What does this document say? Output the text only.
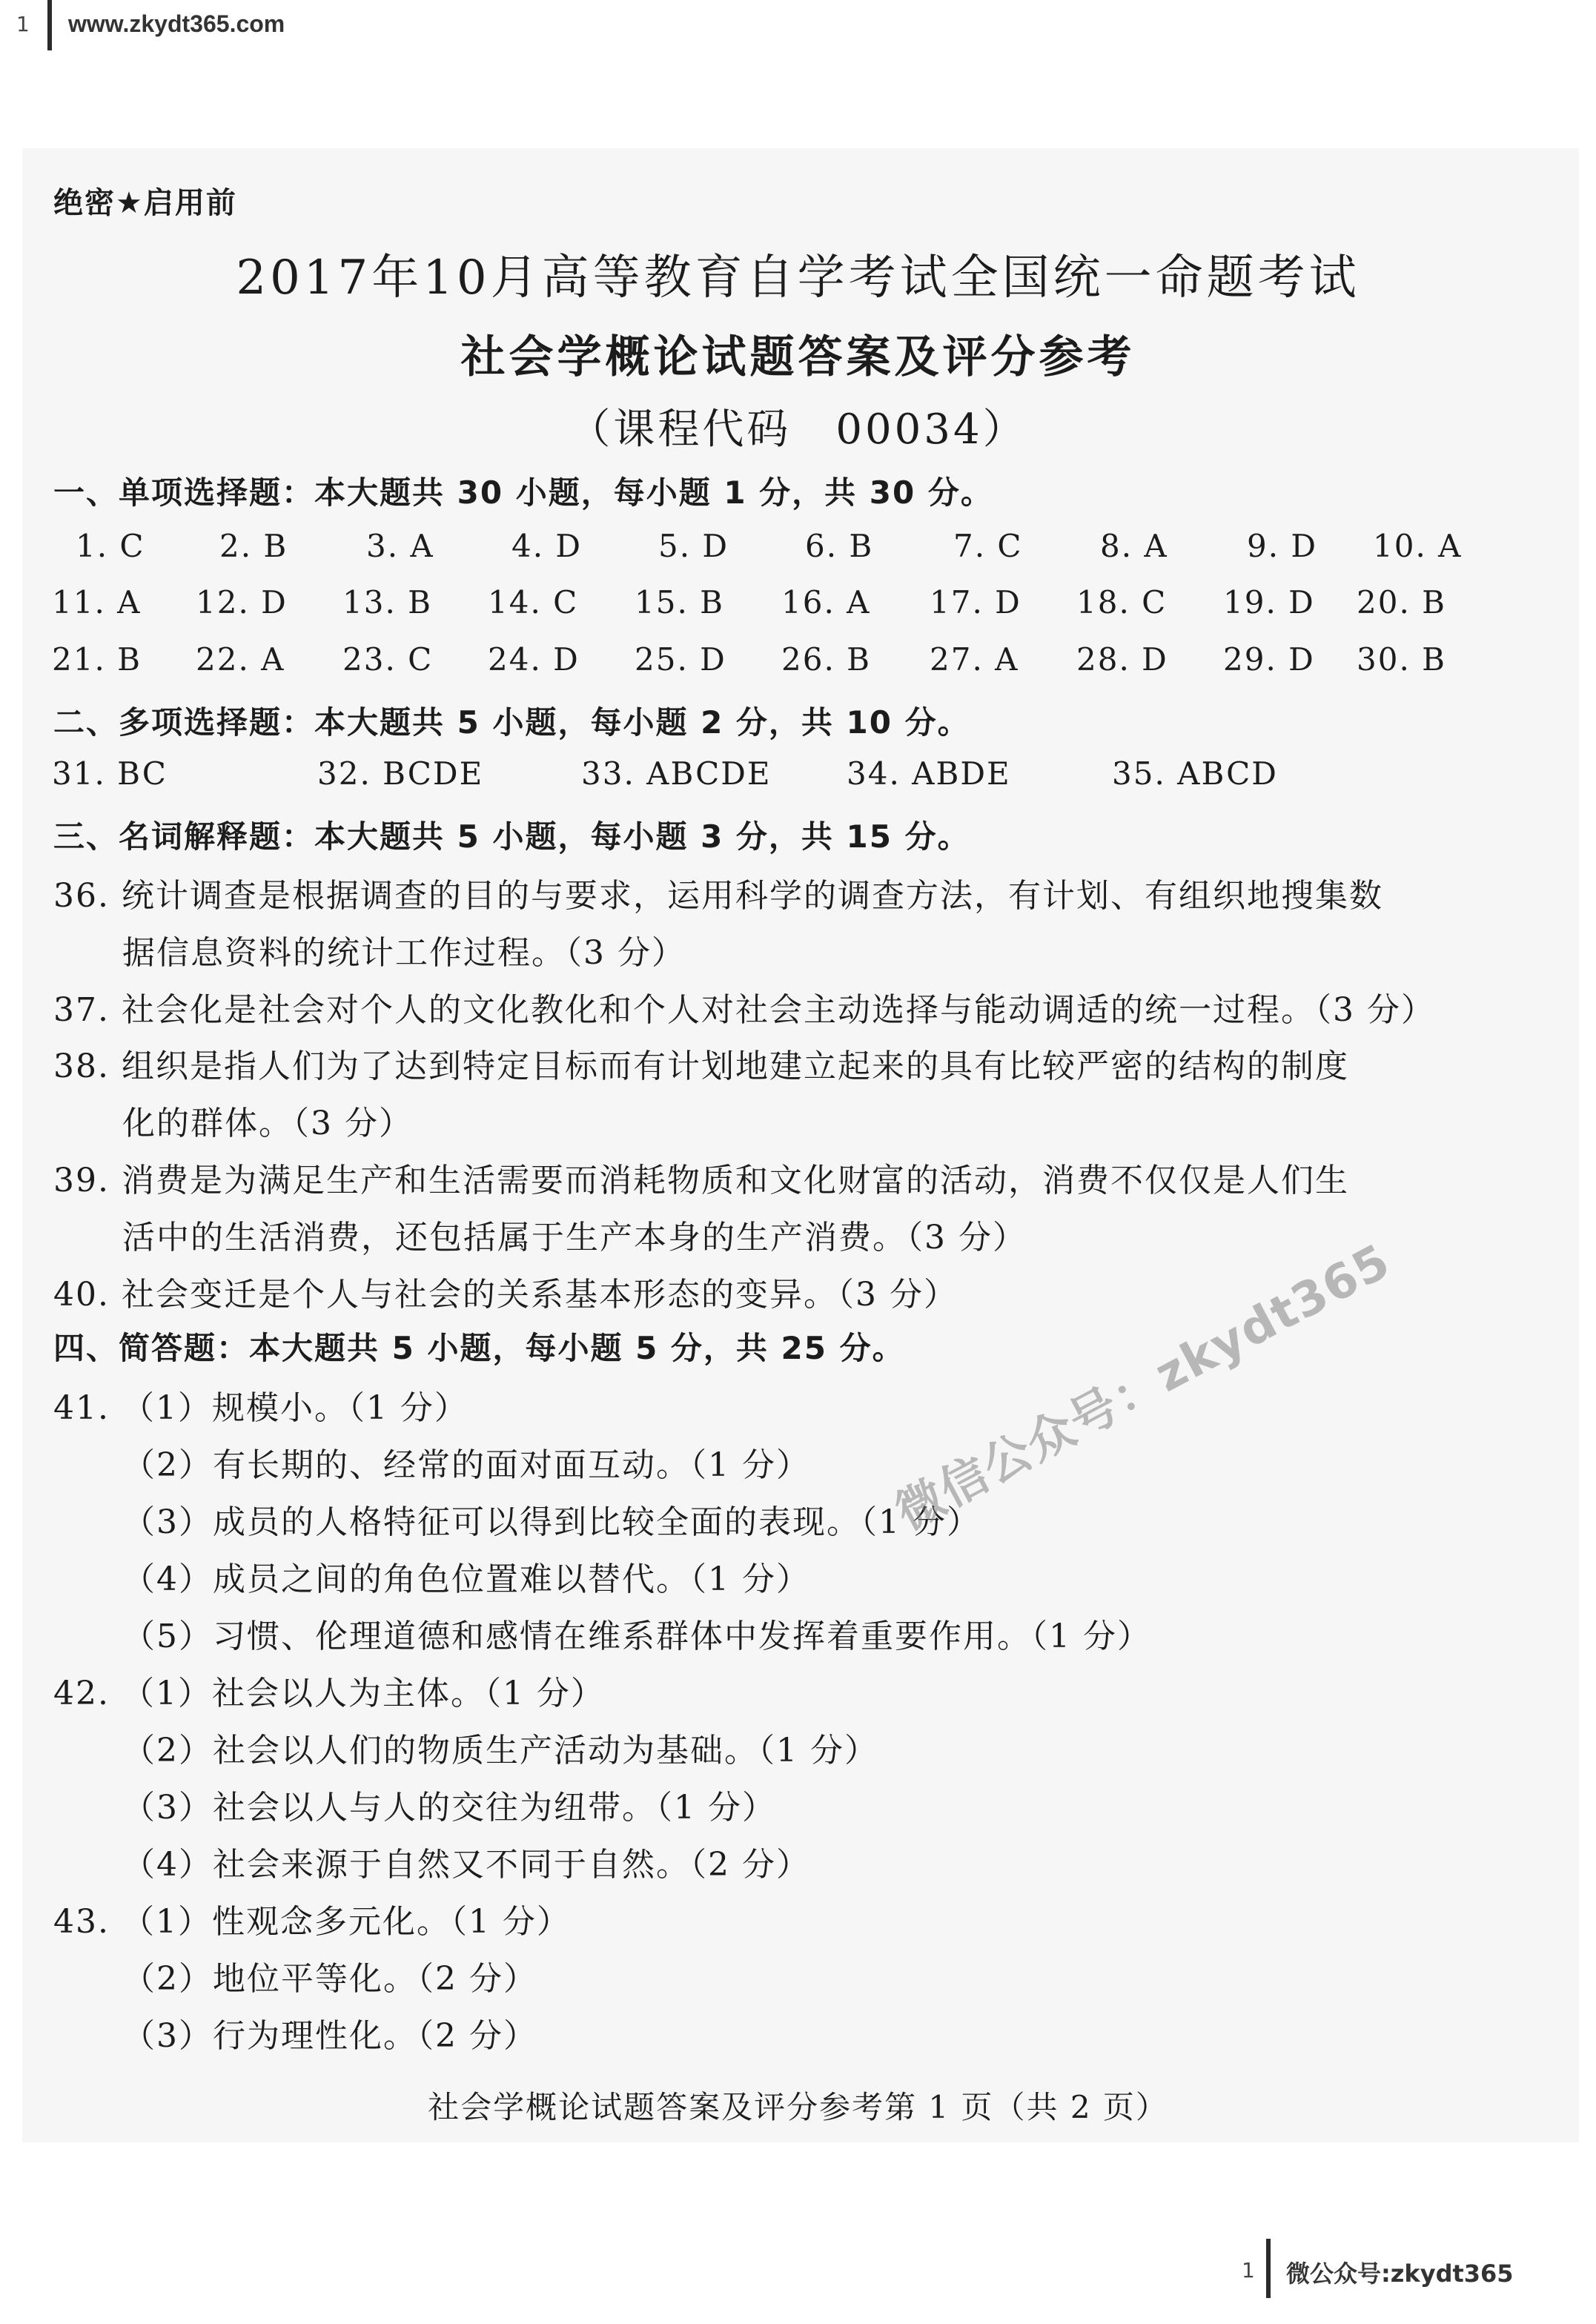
1 www.zkydt365.com
绝密★启用前
2017年10月高等教育自学考试全国统一命题考试
社会学概论试题答案及评分参考
（课程代码　00034）
一、单项选择题：本大题共 30 小题，每小题 1 分，共 30 分。
1. C 2. B	3. A 4. D 5. D 6. B	7. C 8. A	9. D 10. A
11. A 12. D 13. B 14. C 15. B 16. A 17. D 18. C 19. D 20. B
21. B 22. A 23. C 24. D 25. D 26. B 27. A 28. D 29. D 30. B
二、多项选择题：本大题共 5 小题，每小题 2 分，共 10 分。
31. BC	32. BCDE	33. ABCDE 34. ABDE	35. ABCD
三、名词解释题：本大题共 5 小题，每小题 3 分，共 15 分。
36. 统计调查是根据调查的目的与要求，运用科学的调查方法，有计划、有组织地搜集数
据信息资料的统计工作过程。（3 分）
37. 社会化是社会对个人的文化教化和个人对社会主动选择与能动调适的统一过程。（3 分）
38. 组织是指人们为了达到特定目标而有计划地建立起来的具有比较严密的结构的制度
化的群体。（3 分）
39. 消费是为满足生产和生活需要而消耗物质和文化财富的活动，消费不仅仅是人们生
活中的生活消费，还包括属于生产本身的生产消费。（3 分）
40. 社会变迁是个人与社会的关系基本形态的变异。（3 分）
四、简答题：本大题共 5 小题，每小题 5 分，共 25 分。
41. （1）规模小。（1 分）
（2）有长期的、经常的面对面互动。（1 分）
（3）成员的人格特征可以得到比较全面的表现。（1 分）
（4）成员之间的角色位置难以替代。（1 分）
（5）习惯、伦理道德和感情在维系群体中发挥着重要作用。（1 分）
42. （1）社会以人为主体。（1 分）
（2）社会以人们的物质生产活动为基础。（1 分）
（3）社会以人与人的交往为纽带。（1 分）
（4）社会来源于自然又不同于自然。（2 分）
43. （1）性观念多元化。（1 分）
（2）地位平等化。（2 分）
（3）行为理性化。（2 分）
微信公众号：zkydt365
社会学概论试题答案及评分参考第 1 页（共 2 页）
1 微公众号:zkydt365
